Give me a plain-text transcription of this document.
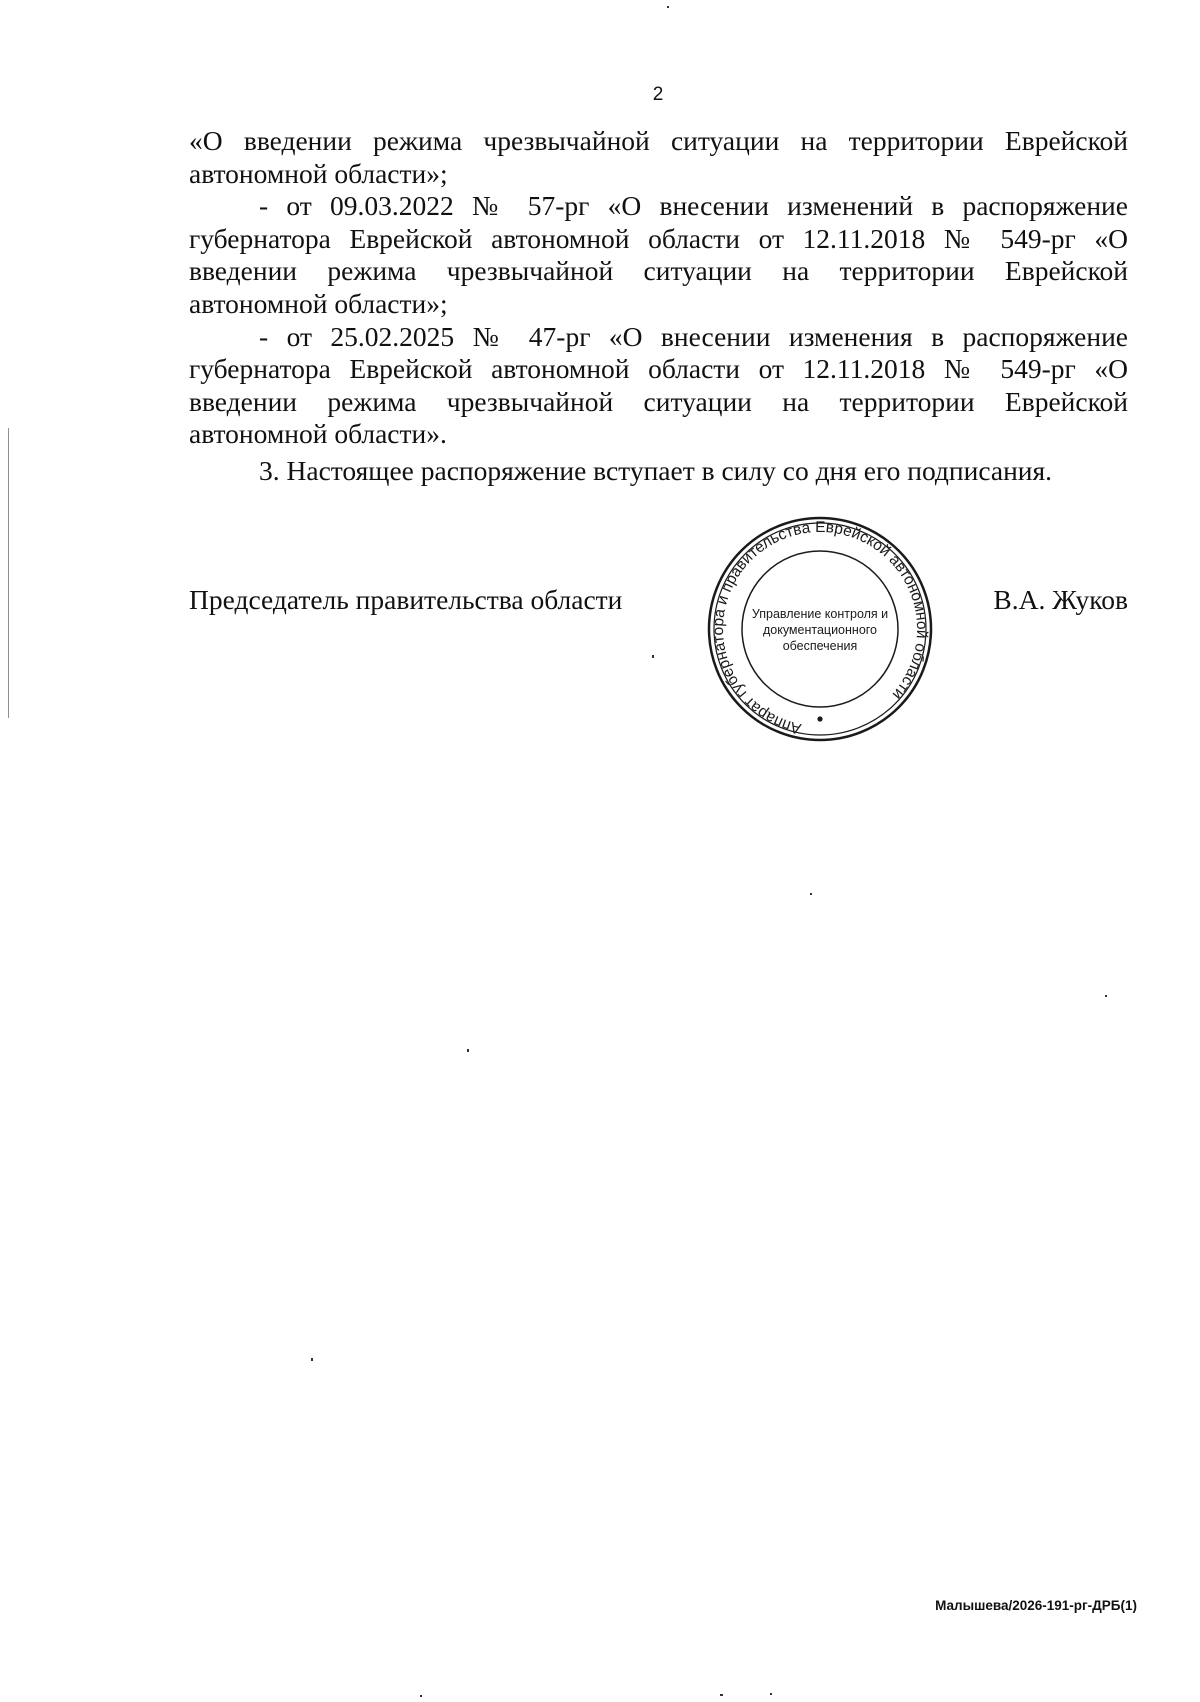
2

«О введении режима чрезвычайной ситуации на территории Еврейской автономной области»;

- от 09.03.2022 № 57-рг «О внесении изменений в распоряжение губернатора Еврейской автономной области от 12.11.2018 № 549-рг «О введении режима чрезвычайной ситуации на территории Еврейской автономной области»;

- от 25.02.2025 № 47-рг «О внесении изменения в распоряжение губернатора Еврейской автономной области от 12.11.2018 № 549-рг «О введении режима чрезвычайной ситуации на территории Еврейской автономной области».

3. Настоящее распоряжение вступает в силу со дня его подписания.

Председатель правительства области
Аппарат губернатора и правительства Еврейской автономной области
Управление контроля и
документационного
обеспечения
В.А. Жуков
Малышева/2026-191-рг-ДРБ(1)
